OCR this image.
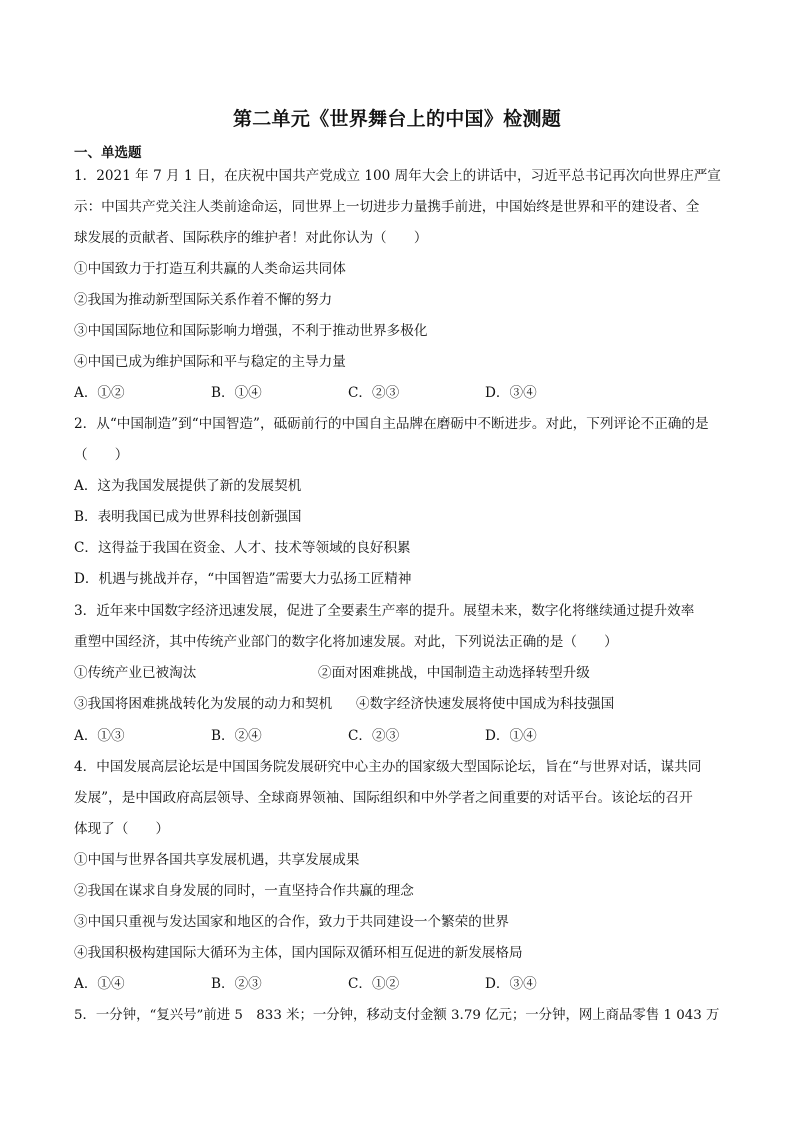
第二单元《世界舞台上的中国》检测题
一、单选题
1．2021 年 7 月 1 日，在庆祝中国共产党成立 100 周年大会上的讲话中，习近平总书记再次向世界庄严宣
示：中国共产党关注人类前途命运，同世界上一切进步力量携手前进，中国始终是世界和平的建设者、全
球发展的贡献者、国际秩序的维护者！对此你认为（　　）
①中国致力于打造互利共赢的人类命运共同体
②我国为推动新型国际关系作着不懈的努力
③中国国际地位和国际影响力增强，不利于推动世界多极化
④中国已成为维护国际和平与稳定的主导力量
A．①②	B．①④	C．②③	D．③④
2．从“中国制造”到“中国智造”，砥砺前行的中国自主品牌在磨砺中不断进步。对此，下列评论不正确的是
（　　）
A．这为我国发展提供了新的发展契机
B．表明我国已成为世界科技创新强国
C．这得益于我国在资金、人才、技术等领域的良好积累
D．机遇与挑战并存，“中国智造”需要大力弘扬工匠精神
3．近年来中国数字经济迅速发展，促进了全要素生产率的提升。展望未来，数字化将继续通过提升效率
重塑中国经济，其中传统产业部门的数字化将加速发展。对此，下列说法正确的是（　　）
①传统产业已被淘汰	②面对困难挑战，中国制造主动选择转型升级
③我国将困难挑战转化为发展的动力和契机 ④数字经济快速发展将使中国成为科技强国
A．①③	B．②④	C．②③	D．①④
4．中国发展高层论坛是中国国务院发展研究中心主办的国家级大型国际论坛，旨在“与世界对话，谋共同
发展”，是中国政府高层领导、全球商界领袖、国际组织和中外学者之间重要的对话平台。该论坛的召开
体现了（　　）
①中国与世界各国共享发展机遇，共享发展成果
②我国在谋求自身发展的同时，一直坚持合作共赢的理念
③中国只重视与发达国家和地区的合作，致力于共同建设一个繁荣的世界
④我国积极构建国际大循环为主体，国内国际双循环相互促进的新发展格局
A．①④	B．②③	C．①②	D．③④
5．一分钟，“复兴号”前进 5　833 米；一分钟，移动支付金额 3.79 亿元；一分钟，网上商品零售 1 043 万
